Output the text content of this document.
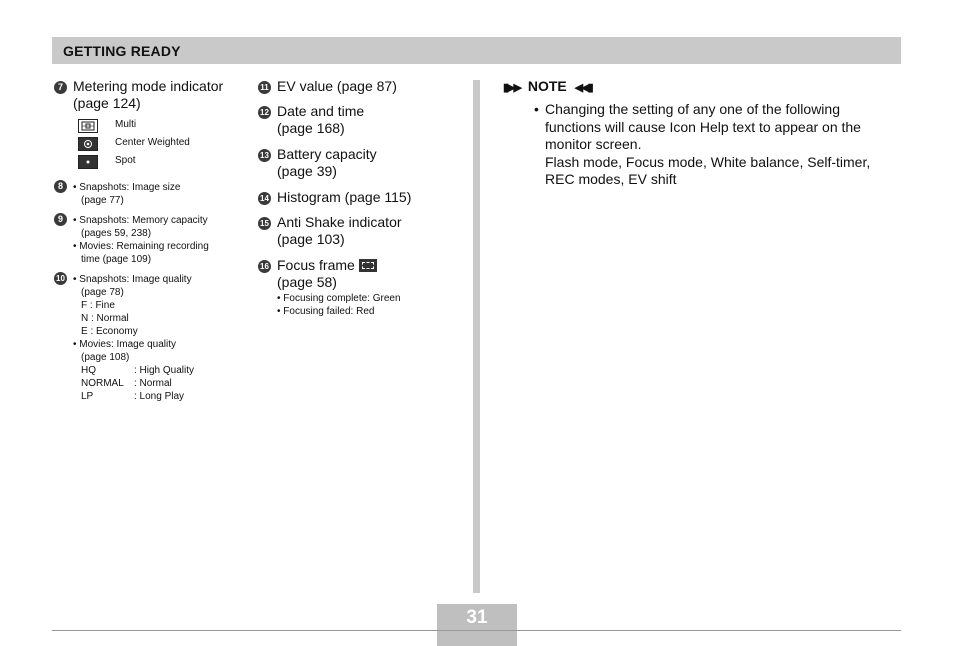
GETTING READY
7 Metering mode indicator
(page 124)
Multi
Center Weighted
Spot
8 • Snapshots: Image size
(page 77)
9 • Snapshots: Memory capacity
(pages 59, 238)
• Movies: Remaining recording
time (page 109)
10 • Snapshots: Image quality
(page 78)
F : Fine
N : Normal
E : Economy
• Movies: Image quality
(page 108)
HQ	: High Quality
NORMAL : Normal
LP	: Long Play
11 EV value (page 87)
12 Date and time
(page 168)
13 Battery capacity
(page 39)
14 Histogram (page 115)
15 Anti Shake indicator
(page 103)
16 Focus frame
(page 58)
• Focusing complete: Green
• Focusing failed: Red
▮▶▶ NOTE ◀◀▮
• Changing the setting of any one of the following
functions will cause Icon Help text to appear on the
monitor screen.
Flash mode, Focus mode, White balance, Self-timer,
REC modes, EV shift
31
